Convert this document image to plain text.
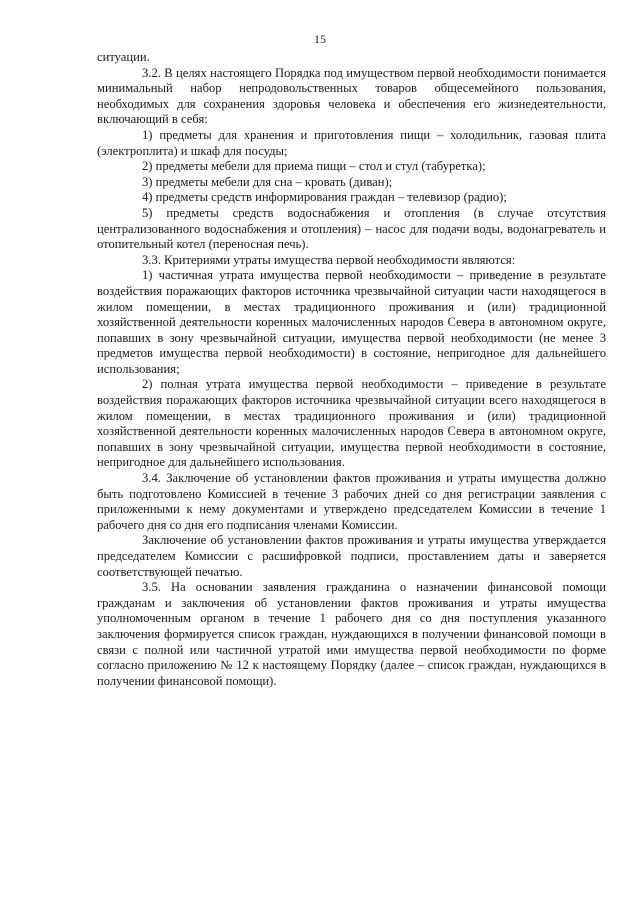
15

ситуации.

3.2. В целях настоящего Порядка под имуществом первой необходимости понимается минимальный набор непродовольственных товаров общесемейного пользования, необходимых для сохранения здоровья человека и обеспечения его жизнедеятельности, включающий в себя:

1) предметы для хранения и приготовления пищи – холодильник, газовая плита (электроплита) и шкаф для посуды;

2) предметы мебели для приема пищи – стол и стул (табуретка);

3) предметы мебели для сна – кровать (диван);

4) предметы средств информирования граждан – телевизор (радио);

5) предметы средств водоснабжения и отопления (в случае отсутствия централизованного водоснабжения и отопления) – насос для подачи воды, водонагреватель и отопительный котел (переносная печь).

3.3. Критериями утраты имущества первой необходимости являются:

1) частичная утрата имущества первой необходимости – приведение в результате воздействия поражающих факторов источника чрезвычайной ситуации части находящегося в жилом помещении, в местах традиционного проживания и (или) традиционной хозяйственной деятельности коренных малочисленных народов Севера в автономном округе, попавших в зону чрезвычайной ситуации, имущества первой необходимости (не менее 3 предметов имущества первой необходимости) в состояние, непригодное для дальнейшего использования;

2) полная утрата имущества первой необходимости – приведение в результате воздействия поражающих факторов источника чрезвычайной ситуации всего находящегося в жилом помещении, в местах традиционного проживания и (или) традиционной хозяйственной деятельности коренных малочисленных народов Севера в автономном округе, попавших в зону чрезвычайной ситуации, имущества первой необходимости в состояние, непригодное для дальнейшего использования.

3.4. Заключение об установлении фактов проживания и утраты имущества должно быть подготовлено Комиссией в течение 3 рабочих дней со дня регистрации заявления с приложенными к нему документами и утверждено председателем Комиссии в течение 1 рабочего дня со дня его подписания членами Комиссии.

Заключение об установлении фактов проживания и утраты имущества утверждается председателем Комиссии с расшифровкой подписи, проставлением даты и заверяется соответствующей печатью.

3.5. На основании заявления гражданина о назначении финансовой помощи гражданам и заключения об установлении фактов проживания и утраты имущества уполномоченным органом в течение 1 рабочего дня со дня поступления указанного заключения формируется список граждан, нуждающихся в получении финансовой помощи в связи с полной или частичной утратой ими имущества первой необходимости по форме согласно приложению № 12 к настоящему Порядку (далее – список граждан, нуждающихся в получении финансовой помощи).
